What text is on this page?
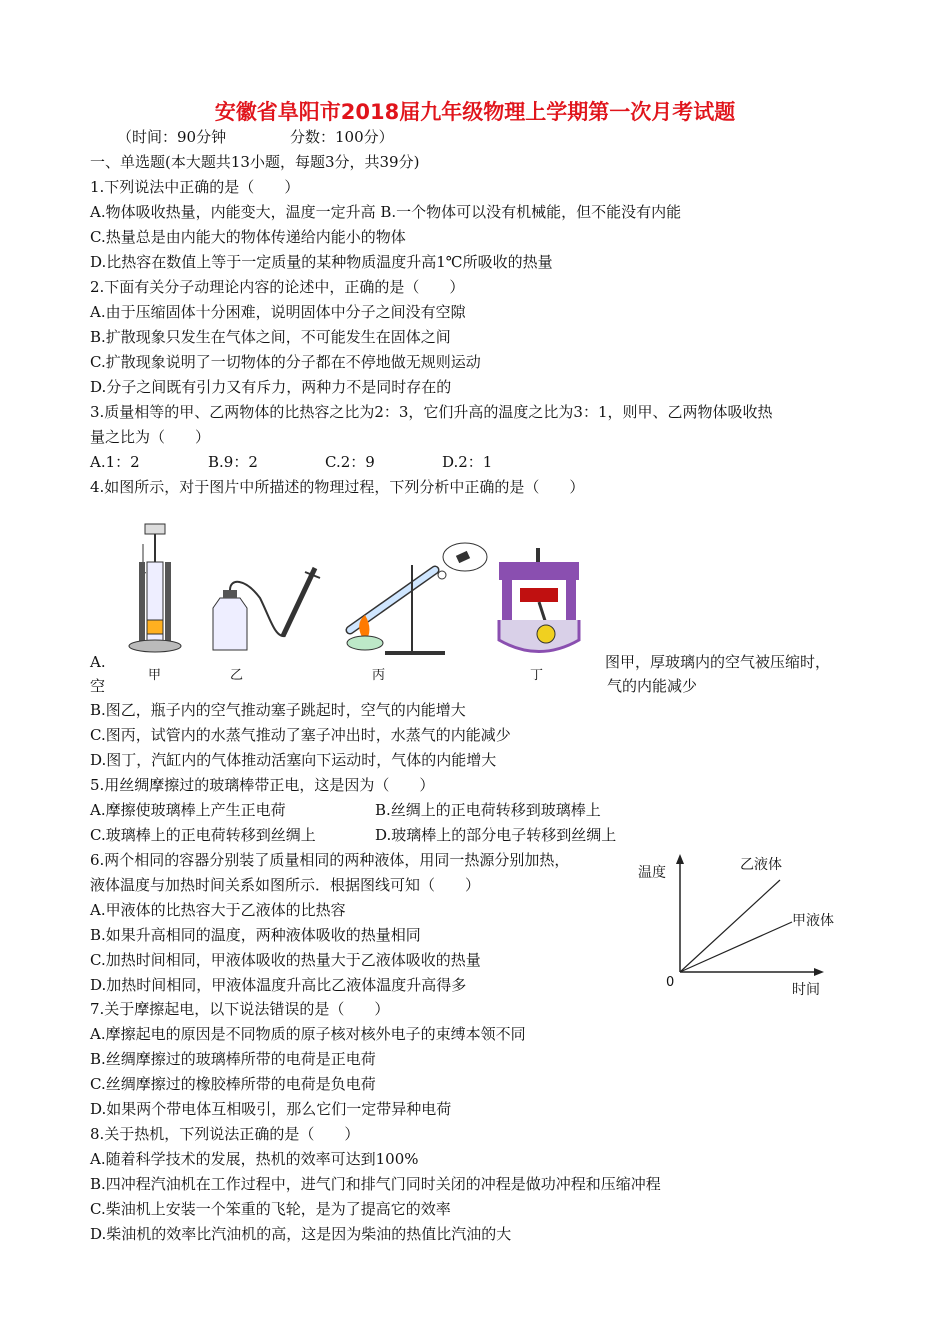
安徽省阜阳市2018届九年级物理上学期第一次月考试题
（时间：90分钟	分数：100分）
一、单选题(本大题共13小题，每题3分，共39分)
1.下列说法中正确的是（　　）
A.物体吸收热量，内能变大，温度一定升高 B.一个物体可以没有机械能，但不能没有内能
C.热量总是由内能大的物体传递给内能小的物体
D.比热容在数值上等于一定质量的某种物质温度升高1℃所吸收的热量
2.下面有关分子动理论内容的论述中，正确的是（　　）
A.由于压缩固体十分困难，说明固体中分子之间没有空隙
B.扩散现象只发生在气体之间，不可能发生在固体之间
C.扩散现象说明了一切物体的分子都在不停地做无规则运动
D.分子之间既有引力又有斥力，两种力不是同时存在的
3.质量相等的甲、乙两物体的比热容之比为2：3，它们升高的温度之比为3：1，则甲、乙两物体吸收热
量之比为（　　）
A.1：2	B.9：2	C.2：9	D.2：1
4.如图所示，对于图片中所描述的物理过程，下列分析中正确的是（　　）
甲	乙	丙	丁
A.	图甲，厚玻璃内的空气被压缩时，
空	气的内能减少
B.图乙，瓶子内的空气推动塞子跳起时，空气的内能增大
C.图丙，试管内的水蒸气推动了塞子冲出时，水蒸气的内能减少
D.图丁，汽缸内的气体推动活塞向下运动时，气体的内能增大
5.用丝绸摩擦过的玻璃棒带正电，这是因为（　　）
A.摩擦使玻璃棒上产生正电荷	B.丝绸上的正电荷转移到玻璃棒上
C.玻璃棒上的正电荷转移到丝绸上	D.玻璃棒上的部分电子转移到丝绸上
6.两个相同的容器分别装了质量相同的两种液体，用同一热源分别加热，
液体温度与加热时间关系如图所示．根据图线可知（　　）
A.甲液体的比热容大于乙液体的比热容
B.如果升高相同的温度，两种液体吸收的热量相同
C.加热时间相同，甲液体吸收的热量大于乙液体吸收的热量
D.加热时间相同，甲液体温度升高比乙液体温度升高得多
温度
0	时间
乙液体
甲液体
7.关于摩擦起电，以下说法错误的是（　　）
A.摩擦起电的原因是不同物质的原子核对核外电子的束缚本领不同
B.丝绸摩擦过的玻璃棒所带的电荷是正电荷
C.丝绸摩擦过的橡胶棒所带的电荷是负电荷
D.如果两个带电体互相吸引，那么它们一定带异种电荷
8.关于热机，下列说法正确的是（　　）
A.随着科学技术的发展，热机的效率可达到100%
B.四冲程汽油机在工作过程中，进气门和排气门同时关闭的冲程是做功冲程和压缩冲程
C.柴油机上安装一个笨重的飞轮，是为了提高它的效率
D.柴油机的效率比汽油机的高，这是因为柴油的热值比汽油的大
